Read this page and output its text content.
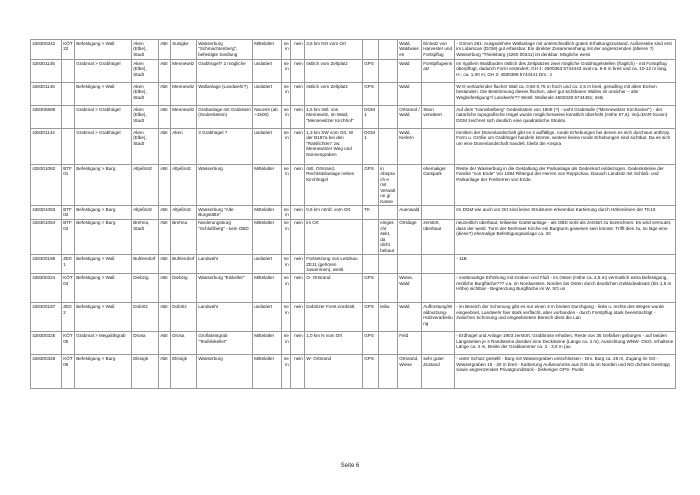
428300342	KÖT22	Befestigung > Wall	Aken (Elbe), Stadt	ABI	Susigke	Wasserburg "Schmachtenberg", befestigte Siedlung	Mittelalter	nein	nein	3,5 km NO vom Ort			Wald, Waldwiesen	Einsatz von Harvester und Fortspflug	- Grimm 281: Ausgedehnte Wallanlage mit unterschiedlich gutem Erhaltungszustand. Außenseite sind erst im Lidarscan (DGM) gut erfassbar. Ein direkter Zusammenhang mit der angrenzenden (älteren ?) Wasserburg "Thielebürg (4260 00341) ist denkbar. Mögliche wess
428301145		Grabmal > Grabhügel	Aken (Elbe), Stadt	ABI	Mennewitz	Grabhügel? 2 mögliche	undatiert	nein	nein	östlich vom Zeltplatz	GPS		Wald	Forstpflugeinsatz	Im rigollem Waldboden östlich des Zeltplatzes zwei mögliche Grabhügelstellen (fraglich) - mit Forstpflug überpflügt, dadurch Form verändert; GH 1: 4500363 5744443 oval ca. 6-8 m breit und ca. 10-12 m lang, H.: ca. 1,00 m; GH 2: 4500389 5744441 Dm.: z
428301146		Befestigung > Wall	Aken (Elbe), Stadt	ABI	Mennewitz	Wallanlage (Landwehr?)	undatiert	nein	nein	östlich vom Zeltplatz	GPS		Wald		W-O verlaufender flacher Wall ca. 0,50-0,75 m hoch und ca. 2,5 m breit, geradling mit alten Eichen bestanden. Die Bestimmung dieses flachen, aber gut sichtbaren Walles ist unsicher – alte Wegbefestigung?/ Landwehr?? Westl. Wallende 4500328 5744461; östs
428305689		Grabmal > Grabhügel	Aken (Elbe), Stadt	ABI	Mennewitz	Grabanlage mit Grabstein (Gedenkstein)	Neuzeit (ab ~1500)	nein	nein	1,5 km östl. von Mennewitz, im Wald; "Mennewitzer Kirchhof"	DGM1		Ortsrand / Wald	Stein verwittert	Auf dem "Hannibelberg" Gedenkstein von 1809 (?) - wohl Grabstulle ("Mennewitzer Kirchacker") - der natürliche topografische Hügel wurde möglicherweise künstlich überhöht (Höhe 57,6). im(LiDAR-Scann) DGM zeichnet sich deutlich eine quadratische Struktu
428301144		Grabmal > Grabhügel	Aken (Elbe), Stadt	ABI	Aken	3 Grabhügel ?	undatiert	nein	nein	1,3 km SW vom Ort, W der B187a bei den "Ratsfichten" zw. Mennewitzer Weg und Nonnengraben	DGM1		Wald, Kiefern		Inmitten der Dünenlandschaft gibt es 3 auffällige, runde Erhebungen bei denen es sich durchaus anthrop. Form u. Größe um Grabhügel handeln könnte, weitere kleine runde Erhebungen sind sichtbar. Da es sich um eine Dünenlandschaft handelt, bleibt die Anspra
428301082	BTF01	Befestigung > Burg	Altjeßnitz	ABI	Altjeßnitz	Wasserburg	Mittelalter	nein	nein	östl. Ortsrand, Rechtsteilanlage neben Kirchhügel	GPS	in Absprach e mit Verwaltun g/ Kasse		ehemaliger Gutspark	Reste der Wasserburg in die Gestaltung der Parkanlage als Gedenkort einbezogen. Gedenksteine der Familie "von Ende" Vor 1694 Rittergut der Herren von Reppichau. Danach Landsitz mit Schloß- und Parkanlage der Freiherren von Ende.
428301083	BTF02	Befestigung > Burg	Altjeßnitz	ABI	Altjeßnitz	Wasserburg "Alte Burgstätte"	Mittelalter	nein	nein	0,6 km nördl. vom Ort	TK		Auenwald		Im DGM wie auch vor Ort sind keine Strukturen erkennbar Kartierung durch Höhenlinien der TK10.
428301084	BTF03	Befestigung > Burg	Brehna, Stadt	ABI	Brehna	Niederungsburg "Schloßberg" - kein OBD	Mittelalter	nein	nein	im Ort		eingeschr änkt, da dicht bebaut	Ortslage	zerstört, überbaut	neuzeitlich überbaut, teilweise Gartenanlage - als OBD wohl als zerstört zu bezeichnen. Es wird vermutet, dass der westl. Turm der Brehnaer Kirche ein Burgturm gewesen sein könnte. Trifft dies zu, so läge eine (diese?) ehemalige Befestigungsanlage ca. 20
428300186	ZE01	Befestigung > Wall	Buhlendorf	ABI	Buhlendorf	Landwehr	undatiert	nein	nein	Fortsetzung von Leitzkau ZE11 (gehören zusammen), westl.					- 11B
428300324	KÖT04	Befestigung > Wall	Diebzig	ABI	Diebzig	Wasserburg "Eiskeller"	Mittelalter	nein	nein	O- Ortsrand	GPS		Wiese, Wald		- mottenartige Erhöhung mit Graben und Fluß - im Osten (Höhe ca. 2,5 m) vermutlich extra Befestigung, restliche Burgfläche??? v.a. im Nordwesten. Norden bis Osten durch deutlichen Geländeabsatz (bis 1,5 m Höhe) sichtbar - Begrenzung Burgfläche im W, SO un
428300187	ZE02	Befestigung > Wall	Dobritz	ABI	Dobritz	Landwehr	undatiert	nein	nein	Dobritzer Forst,nordöstl.	GPS	teilw.	Wald	Aufforstung/Waldnutzung-Holzverarbeitung	- im Bereich der Schonung gibt es nur einen 3 m breiten Durchgang - links u. rechts des Weges wurde eingeebnet, Landwehr hier stark verflacht, aber vorhanden - durch Forstpflug stark beeinträchtigt - zwischen Schonung und eingeebnetem Bereich dient die Lan
428300325	KÖT05	Grabmal > Megalithgrab	Drosa	ABI	Drosa	Großsteingrab "Teufelskeller"	Mittelalter	nein	nein	1,0 km N vom Ort	GPS		Feld		- Erdhügel und Anlage 1903 zerstört, Grabbrose erhalten, Reste von 35 Gefäßen geborgen - auf beiden Längsseiten je 3 Randsteine darüber eine Decksteine (Länge ca. 4 m), Ausrichtung WNW- OSO, erhaltene Länge ca. 4 m, Breite der Grabkammer ca. 3 - 3,5 m (au
428300326	KÖT06	Befestigung > Burg	Elsnigk	ABI	Elsnigk	Wasserburg	Mittelalter	nein	nein	W- Ortsrand	GPS		Ortsrand, Wiese	sehr guter Zustand	- unter Schutz gestellt - Burg mit Wassergraben umschlossen - Dm. Burg ca. 25 m, Zugang im SO - Wassergraben 15 - 20 m breit - Kartierung Außenumriss aus GIS da im Norden und NO dichtes Gestrüpp sowie angrenzendes Privatgrundstück - bisheriger GPS- Punkt
Seite 6
